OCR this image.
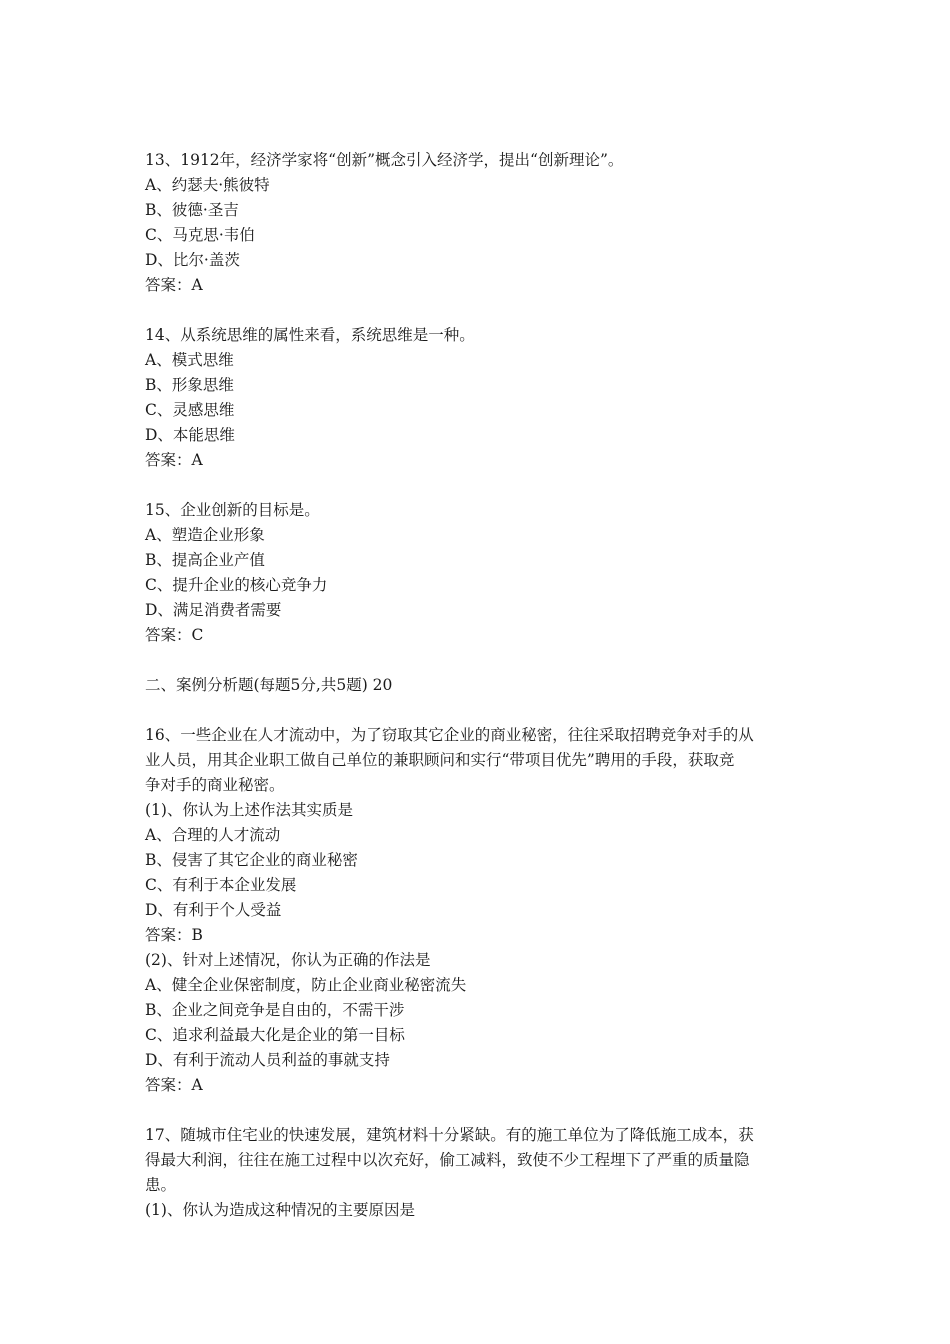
13、1912年，经济学家将“创新”概念引入经济学，提出“创新理论”。
A、约瑟夫·熊彼特
B、彼德·圣吉
C、马克思·韦伯
D、比尔·盖茨
答案：A
14、从系统思维的属性来看，系统思维是一种。
A、模式思维
B、形象思维
C、灵感思维
D、本能思维
答案：A
15、企业创新的目标是。
A、塑造企业形象
B、提高企业产值
C、提升企业的核心竞争力
D、满足消费者需要
答案：C
二、案例分析题(每题5分,共5题) 20
16、一些企业在人才流动中，为了窃取其它企业的商业秘密，往往采取招聘竞争对手的从
业人员，用其企业职工做自己单位的兼职顾问和实行“带项目优先”聘用的手段，获取竞
争对手的商业秘密。
(1)、你认为上述作法其实质是
A、合理的人才流动
B、侵害了其它企业的商业秘密
C、有利于本企业发展
D、有利于个人受益
答案：B
(2)、针对上述情况，你认为正确的作法是
A、健全企业保密制度，防止企业商业秘密流失
B、企业之间竞争是自由的，不需干涉
C、追求利益最大化是企业的第一目标
D、有利于流动人员利益的事就支持
答案：A
17、随城市住宅业的快速发展，建筑材料十分紧缺。有的施工单位为了降低施工成本，获
得最大利润，往往在施工过程中以次充好，偷工减料，致使不少工程埋下了严重的质量隐
患。
(1)、你认为造成这种情况的主要原因是
